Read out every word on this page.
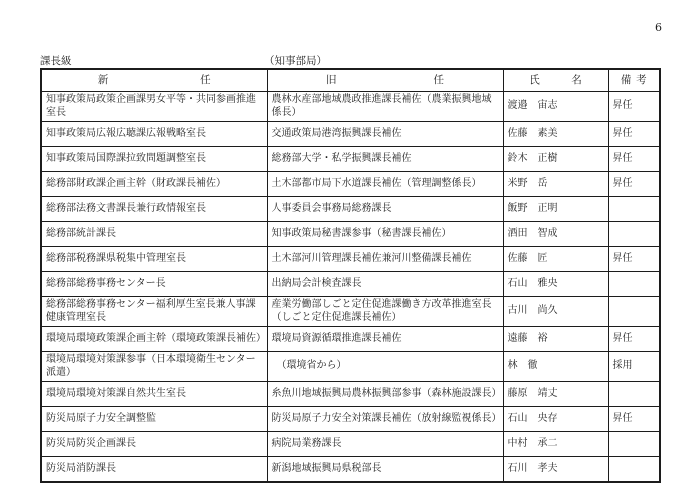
6
課長級	（知事部局）
新 任	旧 任	氏 名	備 考

知事政策局政策企画課男女平等・共同参画推進室長	農林水産部地域農政推進課長補佐（農業振興地域係長）	渡邉　宙志	昇任
知事政策局広報広聴課広報戦略室長	交通政策局港湾振興課長補佐	佐藤　素美	昇任
知事政策局国際課拉致問題調整室長	総務部大学・私学振興課長補佐	鈴木　正樹	昇任
総務部財政課企画主幹（財政課長補佐）	土木部都市局下水道課長補佐（管理調整係長）	米野　岳	昇任
総務部法務文書課長兼行政情報室長	人事委員会事務局総務課長	飯野　正明	
総務部統計課長	知事政策局秘書課参事（秘書課長補佐）	酒田　智成	
総務部税務課県税集中管理室長	土木部河川管理課長補佐兼河川整備課長補佐	佐藤　匠	昇任
総務部総務事務センター長	出納局会計検査課長	石山　雅央	
総務部総務事務センター福利厚生室長兼人事課健康管理室長	産業労働部しごと定住促進課働き方改革推進室長（しごと定住促進課長補佐）	古川　尚久	
環境局環境政策課企画主幹（環境政策課長補佐）	環境局資源循環推進課長補佐	遠藤　裕	昇任
環境局環境対策課参事（日本環境衛生センター派遣）	　（環境省から）	林　徹	採用
環境局環境対策課自然共生室長	糸魚川地域振興局農林振興部参事（森林施設課長）	藤原　靖丈	
防災局原子力安全調整監	防災局原子力安全対策課長補佐（放射線監視係長）	石山　央存	昇任
防災局防災企画課長	病院局業務課長	中村　承二	
防災局消防課長	新潟地域振興局県税部長	石川　孝夫	
